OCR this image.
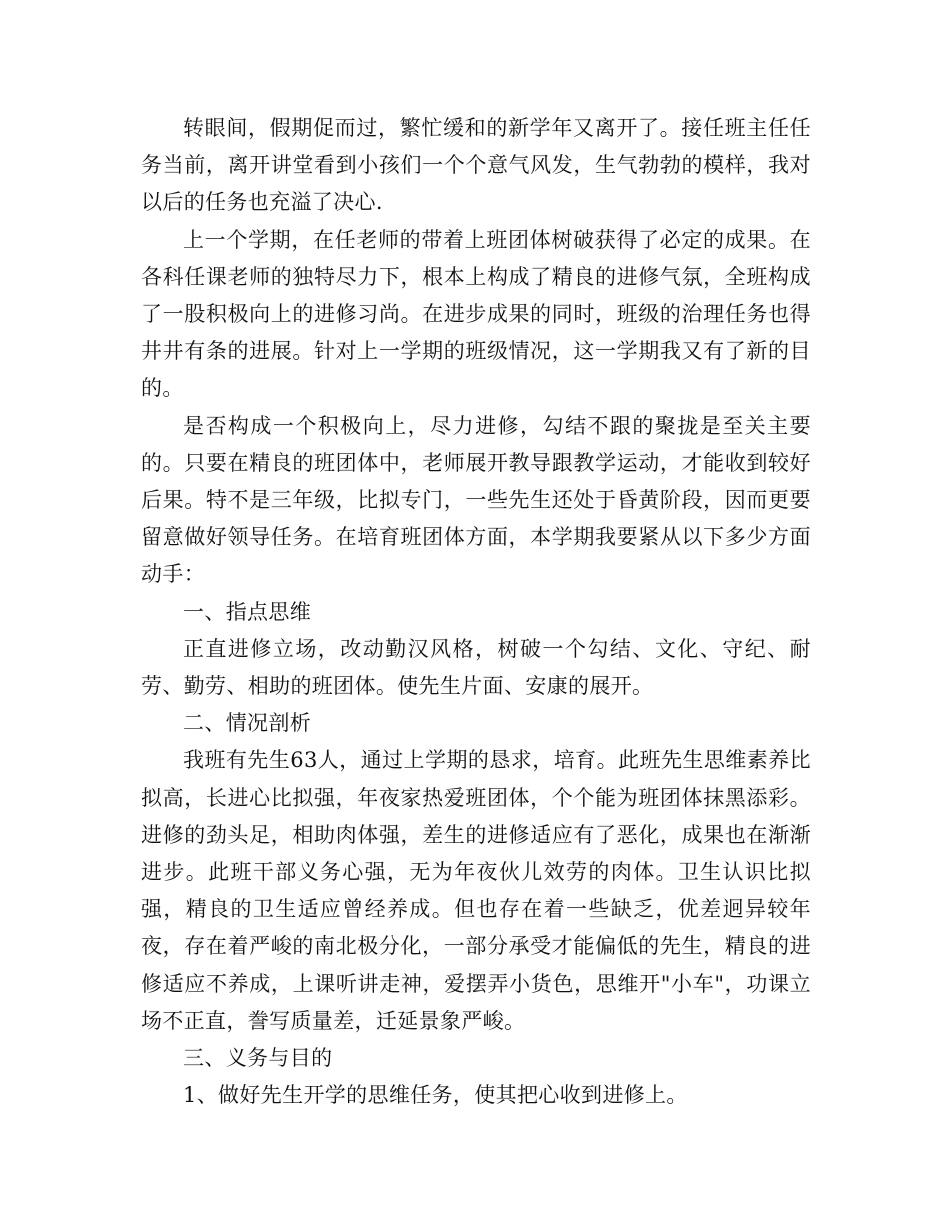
转眼间，假期促而过，繁忙缓和的新学年又离开了。接任班主任任务当前，离开讲堂看到小孩们一个个意气风发，生气勃勃的模样，我对以后的任务也充溢了决心.

上一个学期，在任老师的带着上班团体树破获得了必定的成果。在各科任课老师的独特尽力下，根本上构成了精良的进修气氛，全班构成了一股积极向上的进修习尚。在进步成果的同时，班级的治理任务也得井井有条的进展。针对上一学期的班级情况，这一学期我又有了新的目的。

是否构成一个积极向上，尽力进修，勾结不跟的聚拢是至关主要的。只要在精良的班团体中，老师展开教导跟教学运动，才能收到较好后果。特不是三年级，比拟专门，一些先生还处于昏黄阶段，因而更要留意做好领导任务。在培育班团体方面，本学期我要紧从以下多少方面动手：

一、指点思维

正直进修立场，改动勤汉风格，树破一个勾结、文化、守纪、耐劳、勤劳、相助的班团体。使先生片面、安康的展开。

二、情况剖析

我班有先生63人，通过上学期的恳求，培育。此班先生思维素养比拟高，长进心比拟强，年夜家热爱班团体，个个能为班团体抹黑添彩。进修的劲头足，相助肉体强，差生的进修适应有了恶化，成果也在渐渐进步。此班干部义务心强，无为年夜伙儿效劳的肉体。卫生认识比拟强，精良的卫生适应曾经养成。但也存在着一些缺乏，优差迥异较年夜，存在着严峻的南北极分化，一部分承受才能偏低的先生，精良的进修适应不养成，上课听讲走神，爱摆弄小货色，思维开"小车"，功课立场不正直，誊写质量差，迁延景象严峻。

三、义务与目的

1、做好先生开学的思维任务，使其把心收到进修上。
